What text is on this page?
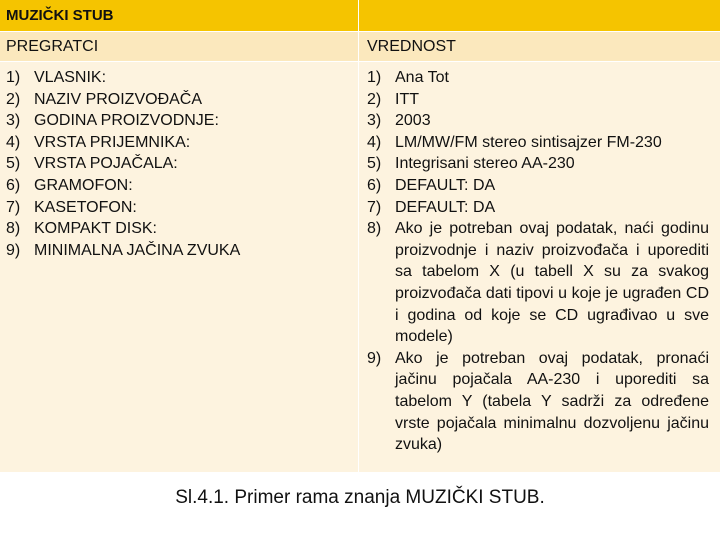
MUZIČKI STUB
PREGRATCI	VREDNOST
1) VLASNIK:
2) NAZIV PROIZVOĐAČA
3) GODINA PROIZVODNJE:
4) VRSTA PRIJEMNIKA:
5) VRSTA POJAČALA:
6) GRAMOFON:
7) KASETOFON:
8) KOMPAKT DISK:
9) MINIMALNA JAČINA ZVUKA
1) Ana Tot
2) ITT
3) 2003
4) LM/MW/FM stereo sintisajzer FM-230
5) Integrisani stereo AA-230
6) DEFAULT: DA
7) DEFAULT: DA
8) Ako je potreban ovaj podatak, naći godinu proizvodnje i naziv proizvođača i uporediti sa tabelom X (u tabell X su za svakog proizvođača dati tipovi u koje je ugrađen CD i godina od koje se CD ugrađivao u sve modele)
9) Ako je potreban ovaj podatak, pronaći jačinu pojačala AA-230 i uporediti sa tabelom Y (tabela Y sadrži za određene vrste pojačala minimalnu dozvoljenu jačinu zvuka)
Sl.4.1. Primer rama znanja MUZIČKI STUB.
